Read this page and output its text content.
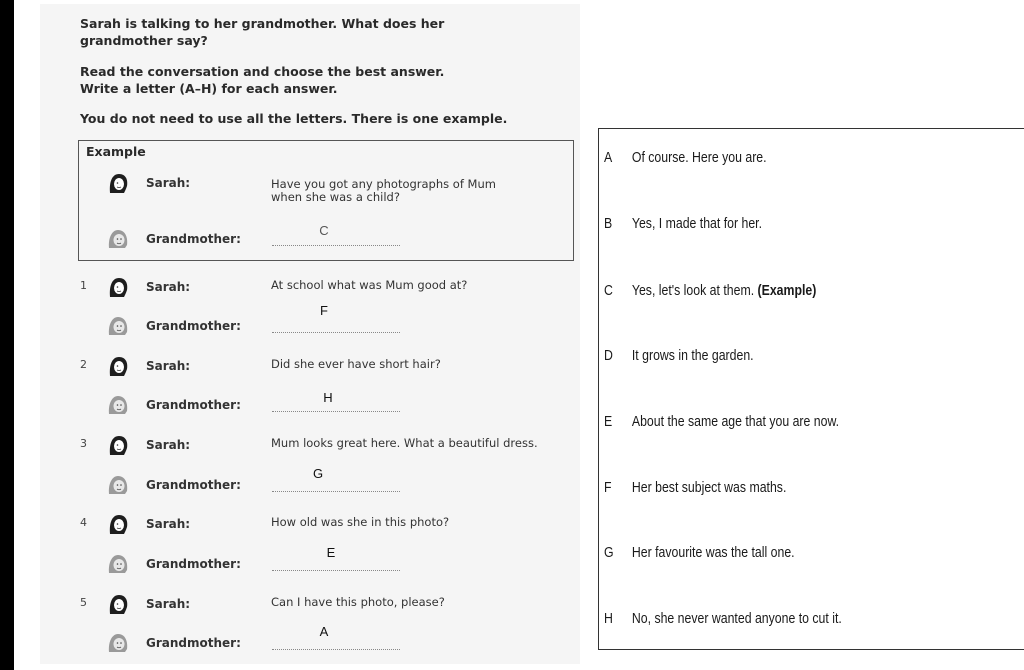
Sarah is talking to her grandmother. What does her
grandmother say?
Read the conversation and choose the best answer.
Write a letter (A–H) for each answer.
You do not need to use all the letters. There is one example.
Example
Sarah:	Have you got any photographs of Mum
when she was a child?
Grandmother:
C
1	Sarah:	At school what was Mum good at?
Grandmother:
F
2	Sarah:	Did she ever have short hair?
Grandmother:	H
3	Sarah:	Mum looks great here. What a beautiful dress.
Grandmother:
G
4	Sarah:	How old was she in this photo?
Grandmother:
E
5	Sarah:	Can I have this photo, please?
Grandmother:
A
A Of course. Here you are.
B Yes, I made that for her.
C Yes, let's look at them. (Example)
D It grows in the garden.
E About the same age that you are now.
F Her best subject was maths.
G Her favourite was the tall one.
H No, she never wanted anyone to cut it.
